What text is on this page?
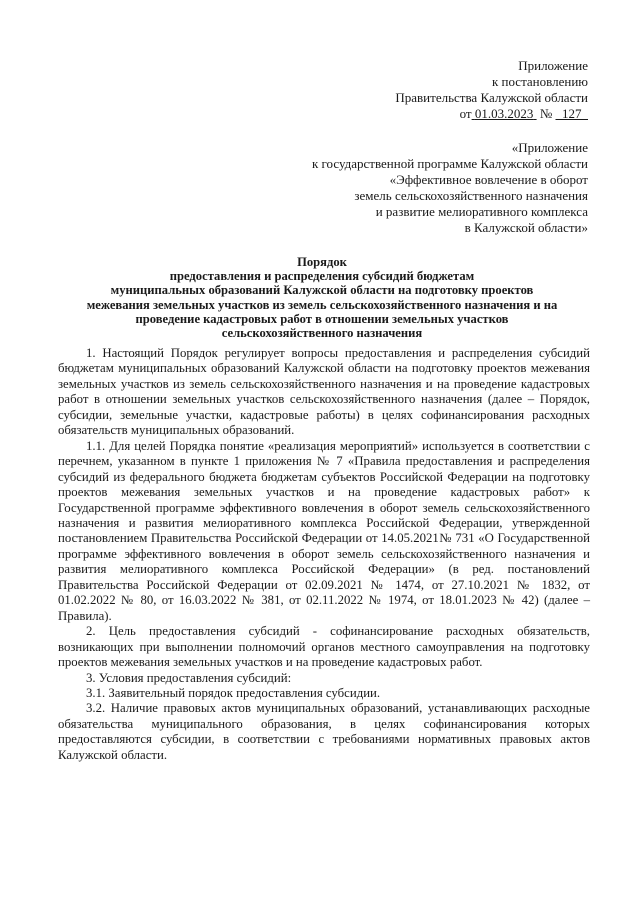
Приложение
к постановлению
Правительства Калужской области
от 01.03.2023 № 127
«Приложение
к государственной программе Калужской области
«Эффективное вовлечение в оборот
земель сельскохозяйственного назначения
и развитие мелиоративного комплекса
в Калужской области»
Порядок
предоставления и распределения субсидий бюджетам
муниципальных образований Калужской области на подготовку проектов
межевания земельных участков из земель сельскохозяйственного назначения и на
проведение кадастровых работ в отношении земельных участков
сельскохозяйственного назначения

1. Настоящий Порядок регулирует вопросы предоставления и распределения субсидий бюджетам муниципальных образований Калужской области на подготовку проектов межевания земельных участков из земель сельскохозяйственного назначения и на проведение кадастровых работ в отношении земельных участков сельскохозяйственного назначения (далее – Порядок, субсидии, земельные участки, кадастровые работы) в целях софинансирования расходных обязательств муниципальных образований.

1.1. Для целей Порядка понятие «реализация мероприятий» используется в соответствии с перечнем, указанном в пункте 1 приложения № 7 «Правила предоставления и распределения субсидий из федерального бюджета бюджетам субъектов Российской Федерации на подготовку проектов межевания земельных участков и на проведение кадастровых работ» к Государственной программе эффективного вовлечения в оборот земель сельскохозяйственного назначения и развития мелиоративного комплекса Российской Федерации, утвержденной постановлением Правительства Российской Федерации от 14.05.2021№ 731 «О Государственной программе эффективного вовлечения в оборот земель сельскохозяйственного назначения и развития мелиоративного комплекса Российской Федерации» (в ред. постановлений Правительства Российской Федерации от 02.09.2021 № 1474, от 27.10.2021 № 1832, от 01.02.2022 № 80, от 16.03.2022 № 381, от 02.11.2022 № 1974, от 18.01.2023 № 42) (далее – Правила).

2. Цель предоставления субсидий - софинансирование расходных обязательств, возникающих при выполнении полномочий органов местного самоуправления на подготовку проектов межевания земельных участков и на проведение кадастровых работ.

3. Условия предоставления субсидий:

3.1. Заявительный порядок предоставления субсидии.

3.2. Наличие правовых актов муниципальных образований, устанавливающих расходные обязательства муниципального образования, в целях софинансирования которых предоставляются субсидии, в соответствии с требованиями нормативных правовых актов Калужской области.
